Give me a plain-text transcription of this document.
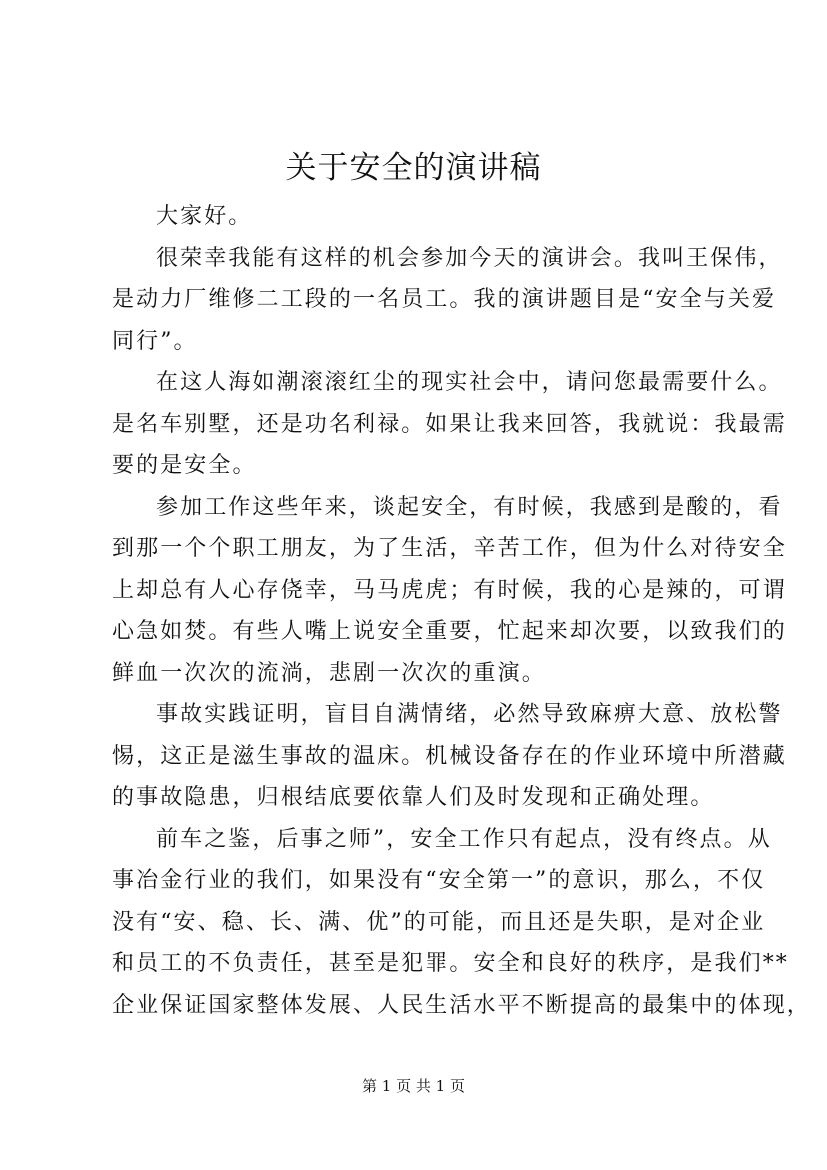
关于安全的演讲稿

大家好。

很荣幸我能有这样的机会参加今天的演讲会。我叫王保伟，
是动力厂维修二工段的一名员工。我的演讲题目是“安全与关爱
同行”。

在这人海如潮滚滚红尘的现实社会中，请问您最需要什么。
是名车别墅，还是功名利禄。如果让我来回答，我就说：我最需
要的是安全。

参加工作这些年来，谈起安全，有时候，我感到是酸的，看
到那一个个职工朋友，为了生活，辛苦工作，但为什么对待安全
上却总有人心存侥幸，马马虎虎；有时候，我的心是辣的，可谓
心急如焚。有些人嘴上说安全重要，忙起来却次要，以致我们的
鲜血一次次的流淌，悲剧一次次的重演。

事故实践证明，盲目自满情绪，必然导致麻痹大意、放松警
惕，这正是滋生事故的温床。机械设备存在的作业环境中所潜藏
的事故隐患，归根结底要依靠人们及时发现和正确处理。

前车之鉴，后事之师”，安全工作只有起点，没有终点。从
事冶金行业的我们，如果没有“安全第一”的意识，那么，不仅
没有“安、稳、长、满、优”的可能，而且还是失职，是对企业
和员工的不负责任，甚至是犯罪。安全和良好的秩序，是我们**
企业保证国家整体发展、人民生活水平不断提高的最集中的体现，

第 1 页 共 1 页
